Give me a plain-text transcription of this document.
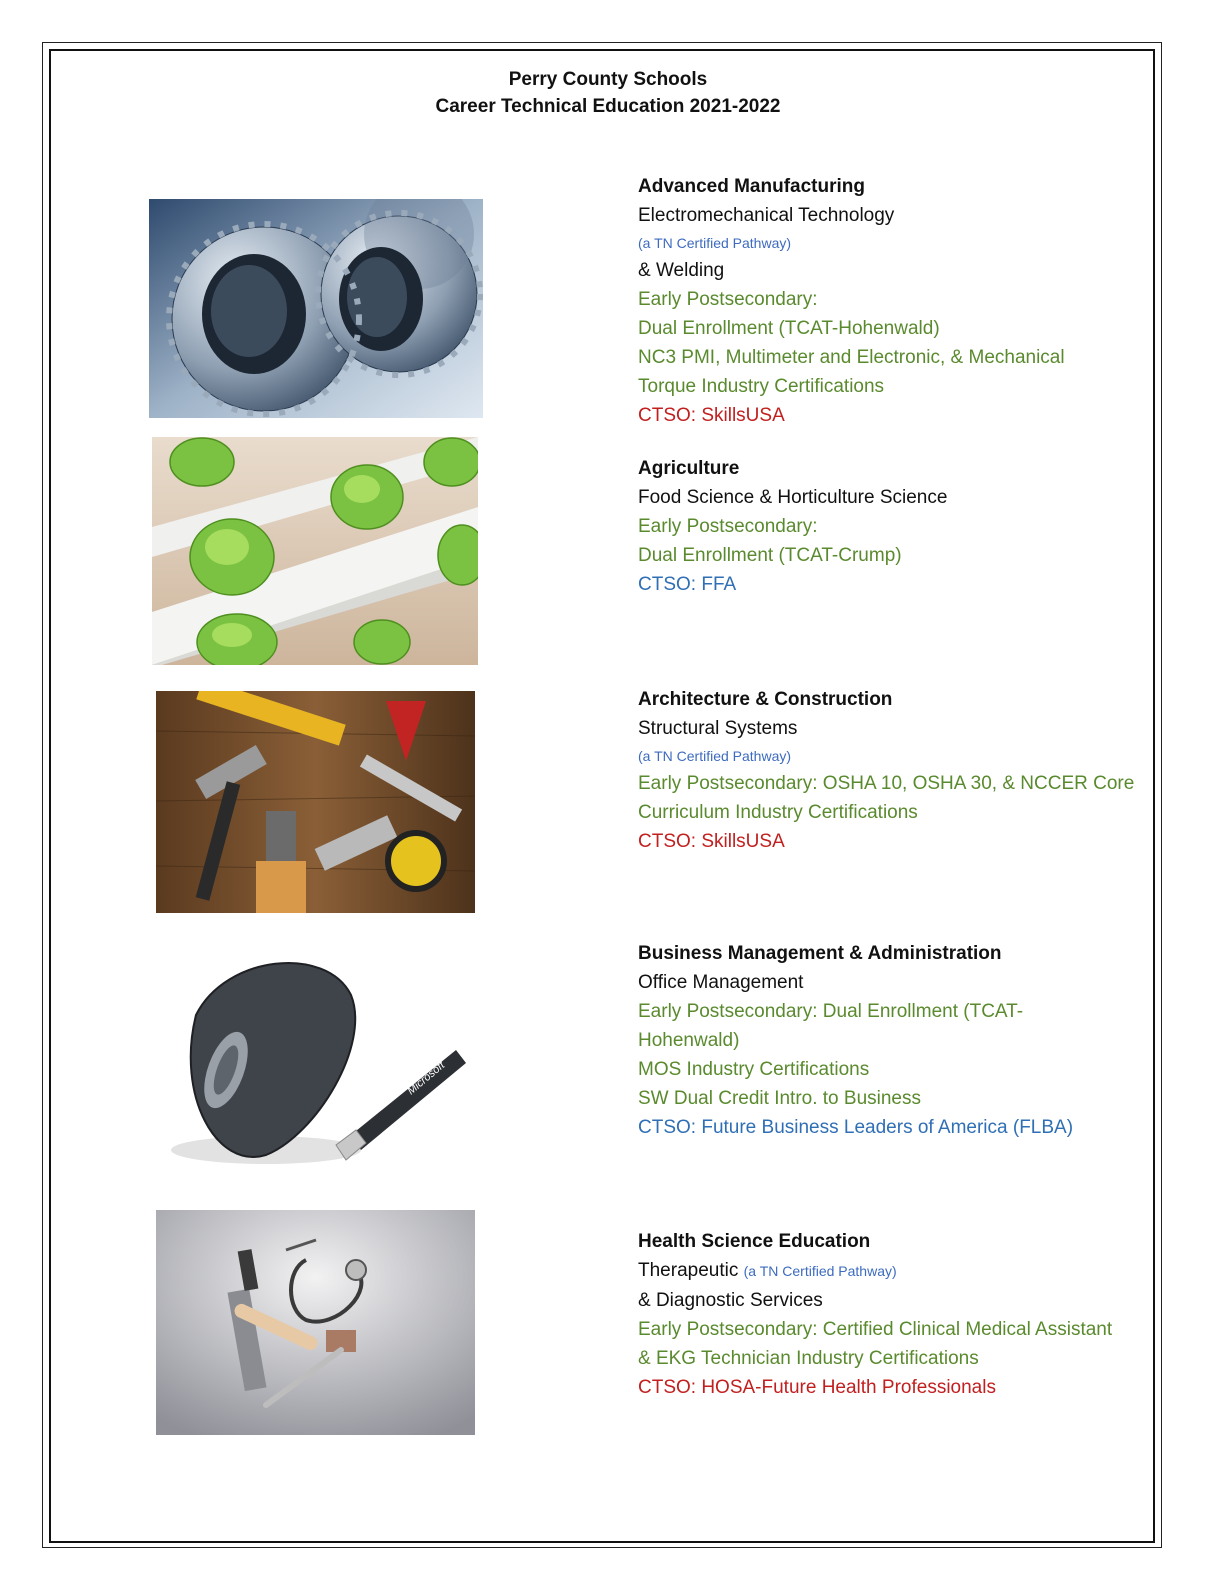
Perry County Schools
Career Technical Education 2021-2022
Microsoft
Advanced Manufacturing
Electromechanical Technology
(a TN Certified Pathway)
& Welding
Early Postsecondary:
Dual Enrollment (TCAT-Hohenwald)
NC3 PMI, Multimeter and Electronic, & Mechanical
Torque Industry Certifications
CTSO: SkillsUSA
Agriculture
Food Science & Horticulture Science
Early Postsecondary:
Dual Enrollment (TCAT-Crump)
CTSO: FFA
Architecture & Construction
Structural Systems
(a TN Certified Pathway)
Early Postsecondary: OSHA 10, OSHA 30, & NCCER Core
Curriculum Industry Certifications
CTSO: SkillsUSA
Business Management & Administration
Office Management
Early Postsecondary: Dual Enrollment (TCAT-
Hohenwald)
MOS Industry Certifications
SW Dual Credit Intro. to Business
CTSO: Future Business Leaders of America (FLBA)
Health Science Education
Therapeutic (a TN Certified Pathway)
& Diagnostic Services
Early Postsecondary: Certified Clinical Medical Assistant
& EKG Technician Industry Certifications
CTSO: HOSA-Future Health Professionals
